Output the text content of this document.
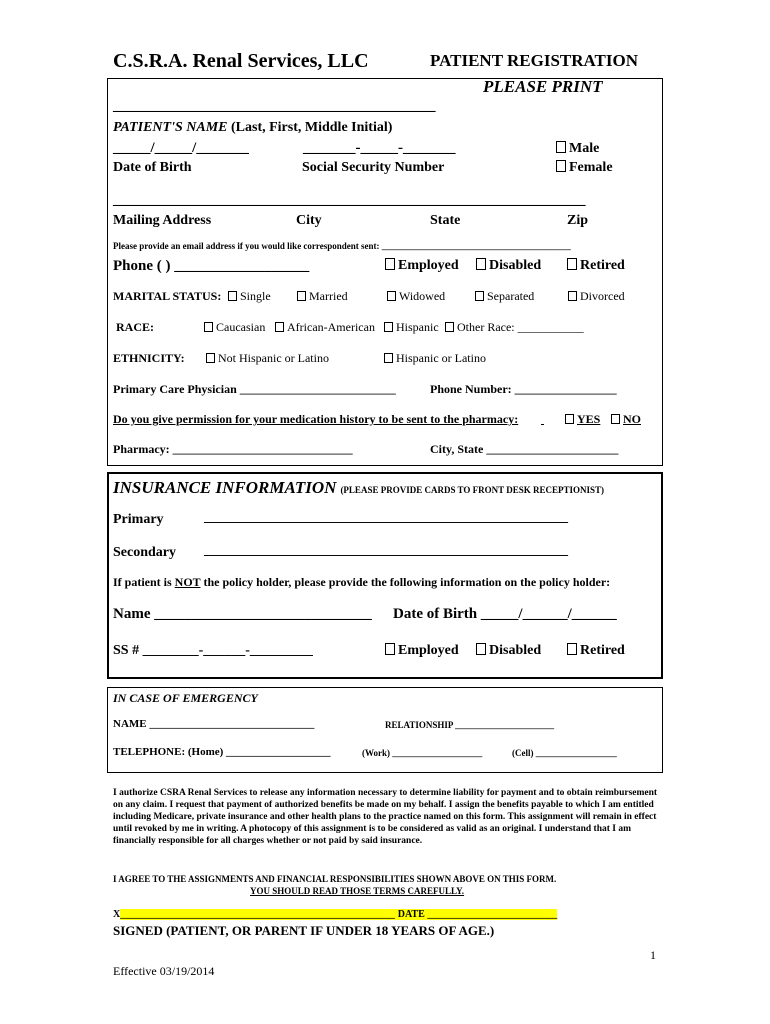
C.S.R.A. Renal Services, LLC	PATIENT REGISTRATION
PLEASE PRINT
___________________________________________
PATIENT'S NAME (Last, First, Middle Initial)
_____/_____/_______
Date of Birth
_______-_____-_______
Social Security Number
Male
Female
_______________________________________________________________
Mailing Address	City	State	Zip
Please provide an email address if you would like correspondent sent: __________________________________________
Phone ( ) __________________	Employed	Disabled	Retired
MARITAL STATUS:	Single	Married	Widowed	Separated	Divorced
RACE:	Caucasian	African-American	Hispanic	Other Race: ___________
ETHNICITY:	Not Hispanic or Latino	Hispanic or Latino
Primary Care Physician __________________________	Phone Number: _________________
Do you give permission for your medication history to be sent to the pharmacy:
	YES	NO
Pharmacy: ______________________________	City, State ______________________
INSURANCE INFORMATION (PLEASE PROVIDE CARDS TO FRONT DESK RECEPTIONIST)
Primary	____________________________________________________
Secondary ____________________________________________________
If patient is NOT the policy holder, please provide the following information on the policy holder:
Name _____________________________ Date of Birth _____/______/______
SS # ________-______-_________	Employed	Disabled	Retired
IN CASE OF EMERGENCY
NAME ______________________________	RELATIONSHIP ______________________
TELEPHONE: (Home) ___________________	(Work) ____________________	(Cell) __________________
I authorize CSRA Renal Services to release any information necessary to determine liability for payment and to obtain reimbursement on any claim. I request that payment of authorized benefits be made on my behalf. I assign the benefits payable to which I am entitled including Medicare, private insurance and other health plans to the practice named on this form. This assignment will remain in effect until revoked by me in writing. A photocopy of this assignment is to be considered as valid as an original. I understand that I am financially responsible for all charges whether or not paid by said insurance.
I AGREE TO THE ASSIGNMENTS AND FINANCIAL RESPONSIBILITIES SHOWN ABOVE ON THIS FORM.
YOU SHOULD READ THOSE TERMS CAREFULLY.
X_______________________________________________________ DATE __________________________
SIGNED (PATIENT, OR PARENT IF UNDER 18 YEARS OF AGE.)
1
Effective 03/19/2014
